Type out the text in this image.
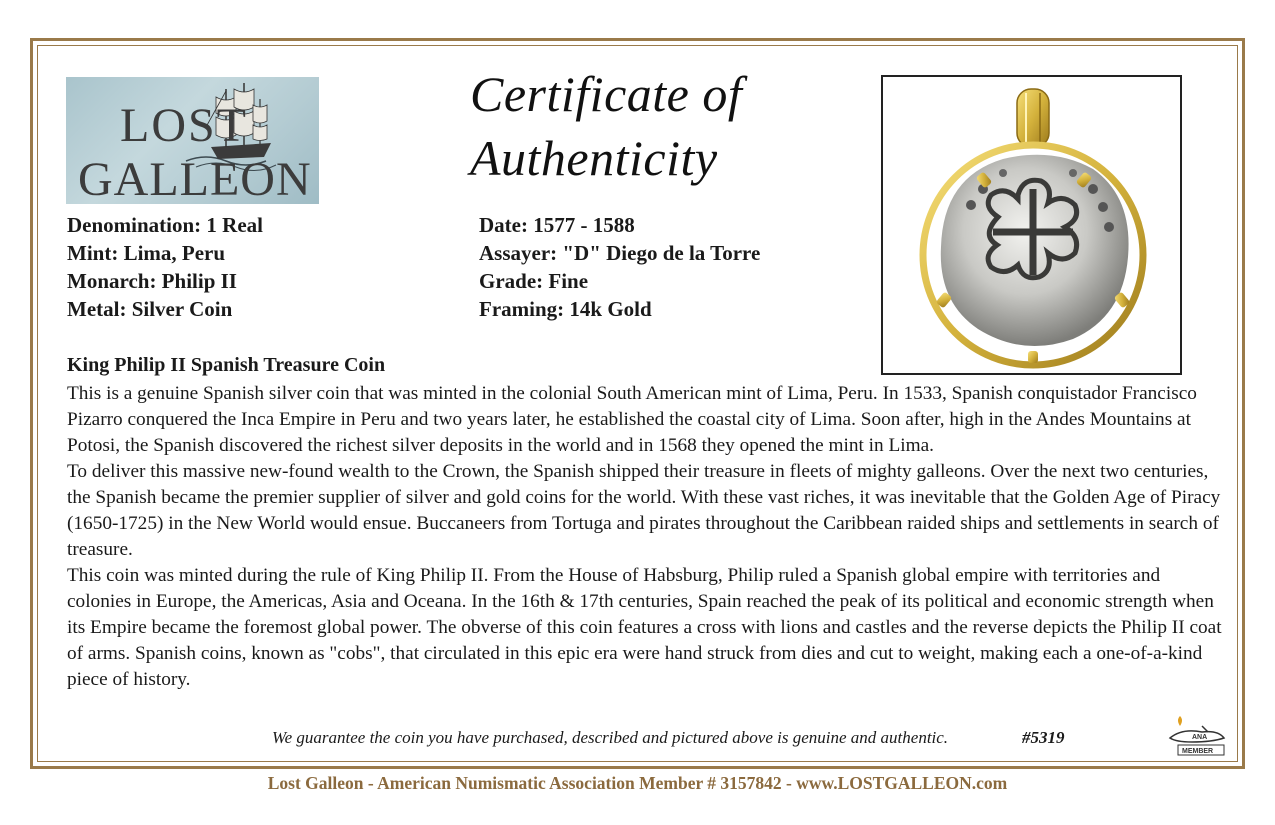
LOST
GALLEON
Certificate of
Authenticity
Denomination: 1 Real
Mint: Lima, Peru
Monarch: Philip II
Metal: Silver Coin
Date: 1577 - 1588
Assayer: "D" Diego de la Torre
Grade: Fine
Framing: 14k Gold
King Philip II Spanish Treasure Coin

This is a genuine Spanish silver coin that was minted in the colonial South American mint of Lima, Peru. In 1533, Spanish conquistador Francisco Pizarro conquered the Inca Empire in Peru and two years later, he established the coastal city of Lima. Soon after, high in the Andes Mountains at Potosi, the Spanish discovered the richest silver deposits in the world and in 1568 they opened the mint in Lima.

To deliver this massive new-found wealth to the Crown, the Spanish shipped their treasure in fleets of mighty galleons. Over the next two centuries, the Spanish became the premier supplier of silver and gold coins for the world. With these vast riches, it was inevitable that the Golden Age of Piracy (1650-1725) in the New World would ensue. Buccaneers from Tortuga and pirates throughout the Caribbean raided ships and settlements in search of treasure.

This coin was minted during the rule of King Philip II. From the House of Habsburg, Philip ruled a Spanish global empire with territories and colonies in Europe, the Americas, Asia and Oceana. In the 16th & 17th centuries, Spain reached the peak of its political and economic strength when its Empire became the foremost global power. The obverse of this coin features a cross with lions and castles and the reverse depicts the Philip II coat of arms. Spanish coins, known as "cobs", that circulated in this epic era were hand struck from dies and cut to weight, making each a one-of-a-kind piece of history.

We guarantee the coin you have purchased, described and pictured above is genuine and authentic.	#5319	ANA
MEMBER
Lost Galleon - American Numismatic Association Member # 3157842 - www.LOSTGALLEON.com
